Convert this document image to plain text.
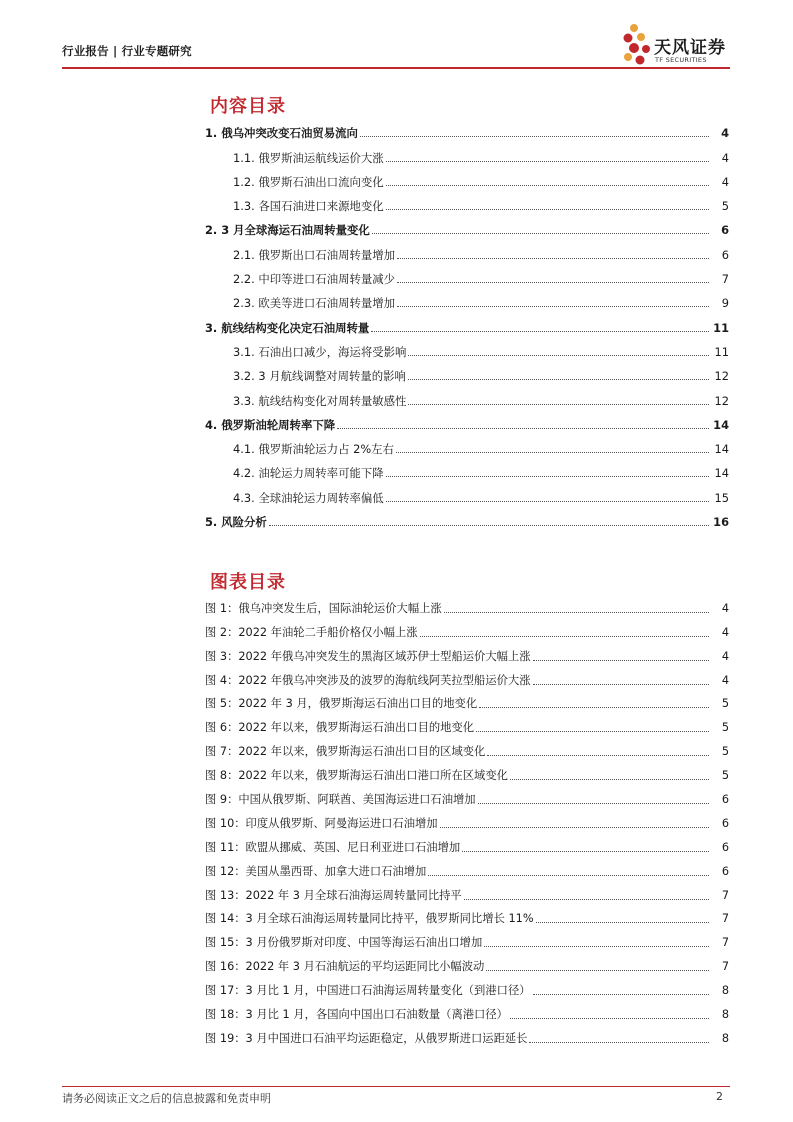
行业报告 | 行业专题研究	天风证券
TF SECURITIES
内容目录
1. 俄乌冲突改变石油贸易流向	4
1.1. 俄罗斯油运航线运价大涨	4
1.2. 俄罗斯石油出口流向变化	4
1.3. 各国石油进口来源地变化	5
2. 3 月全球海运石油周转量变化	6
2.1. 俄罗斯出口石油周转量增加	6
2.2. 中印等进口石油周转量减少	7
2.3. 欧美等进口石油周转量增加	9
3. 航线结构变化决定石油周转量	11
3.1. 石油出口减少，海运将受影响	11
3.2. 3 月航线调整对周转量的影响	12
3.3. 航线结构变化对周转量敏感性	12
4. 俄罗斯油轮周转率下降	14
4.1. 俄罗斯油轮运力占 2%左右	14
4.2. 油轮运力周转率可能下降	14
4.3. 全球油轮运力周转率偏低	15
5. 风险分析	16
图表目录
图 1：俄乌冲突发生后，国际油轮运价大幅上涨	4
图 2：2022 年油轮二手船价格仅小幅上涨	4
图 3：2022 年俄乌冲突发生的黑海区域苏伊士型船运价大幅上涨	4
图 4：2022 年俄乌冲突涉及的波罗的海航线阿芙拉型船运价大涨	4
图 5：2022 年 3 月，俄罗斯海运石油出口目的地变化	5
图 6：2022 年以来，俄罗斯海运石油出口目的地变化	5
图 7：2022 年以来，俄罗斯海运石油出口目的区域变化	5
图 8：2022 年以来，俄罗斯海运石油出口港口所在区域变化	5
图 9：中国从俄罗斯、阿联酋、美国海运进口石油增加	6
图 10：印度从俄罗斯、阿曼海运进口石油增加	6
图 11：欧盟从挪威、英国、尼日利亚进口石油增加	6
图 12：美国从墨西哥、加拿大进口石油增加	6
图 13：2022 年 3 月全球石油海运周转量同比持平	7
图 14：3 月全球石油海运周转量同比持平，俄罗斯同比增长 11%	7
图 15：3 月份俄罗斯对印度、中国等海运石油出口增加	7
图 16：2022 年 3 月石油航运的平均运距同比小幅波动	7
图 17：3 月比 1 月，中国进口石油海运周转量变化（到港口径）	8
图 18：3 月比 1 月，各国向中国出口石油数量（离港口径）	8
图 19：3 月中国进口石油平均运距稳定，从俄罗斯进口运距延长	8
请务必阅读正文之后的信息披露和免责申明	2
